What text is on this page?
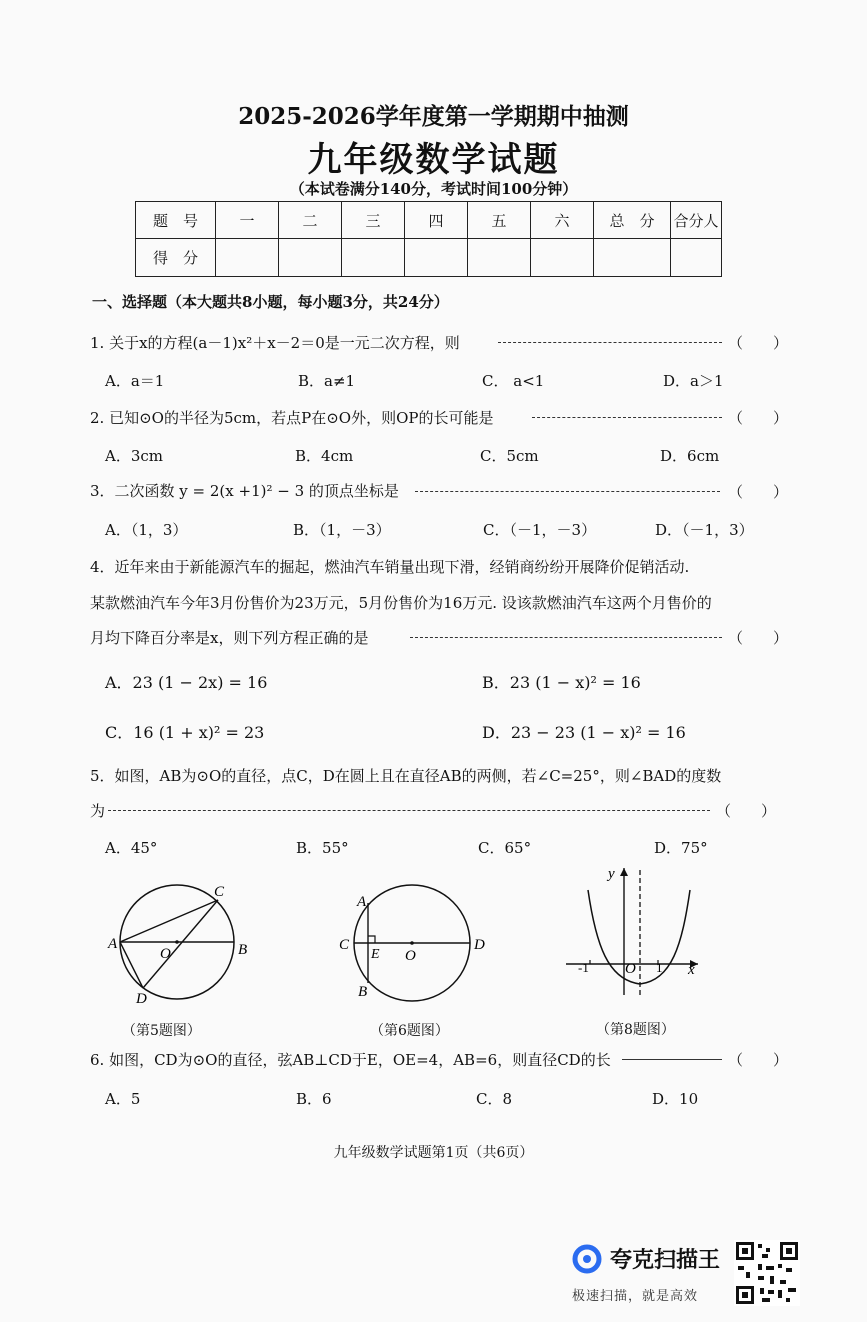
2025-2026学年度第一学期期中抽测
九年级数学试题
（本试卷满分140分，考试时间100分钟）
题　号	一	二	三	四	五	六	总　分	合分人
得　分								
一、选择题（本大题共8小题，每小题3分，共24分）
1. 关于x的方程(a－1)x²＋x－2＝0是一元二次方程，则	（　　）
A．a＝1	B．a≠1	C． a<1	D．a＞1
2. 已知⊙O的半径为5cm，若点P在⊙O外，则OP的长可能是	（　　）
A．3cm	B．4cm	C．5cm	D．6cm
3．二次函数 y = 2(x +1)² − 3 的顶点坐标是	（　　）
A．（1，3）	B．（1，－3）	C．（－1，－3）	D．（－1，3）
4．近年来由于新能源汽车的掘起，燃油汽车销量出现下滑，经销商纷纷开展降价促销活动.
某款燃油汽车今年3月份售价为23万元，5月份售价为16万元. 设该款燃油汽车这两个月售价的
月均下降百分率是x，则下列方程正确的是	（　　）
A．23 (1 − 2x) = 16	B．23 (1 − x)² = 16
C．16 (1 + x)² = 23	D．23 − 23 (1 − x)² = 16
5．如图，AB为⊙O的直径，点C，D在圆上且在直径AB的两侧，若∠C=25°，则∠BAD的度数
为	（　　）
A．45°	B．55°	C．65°	D．75°
A	B
C
D
O
（第5题图）
A
B
C	D
E O
（第6题图）
y
x
O
-1	1
（第8题图）
6. 如图，CD为⊙O的直径，弦AB⊥CD于E，OE=4，AB=6，则直径CD的长	（　　）
A．5	B．6	C．8	D．10
九年级数学试题第1页（共6页）
夸克扫描王
极速扫描，就是高效
